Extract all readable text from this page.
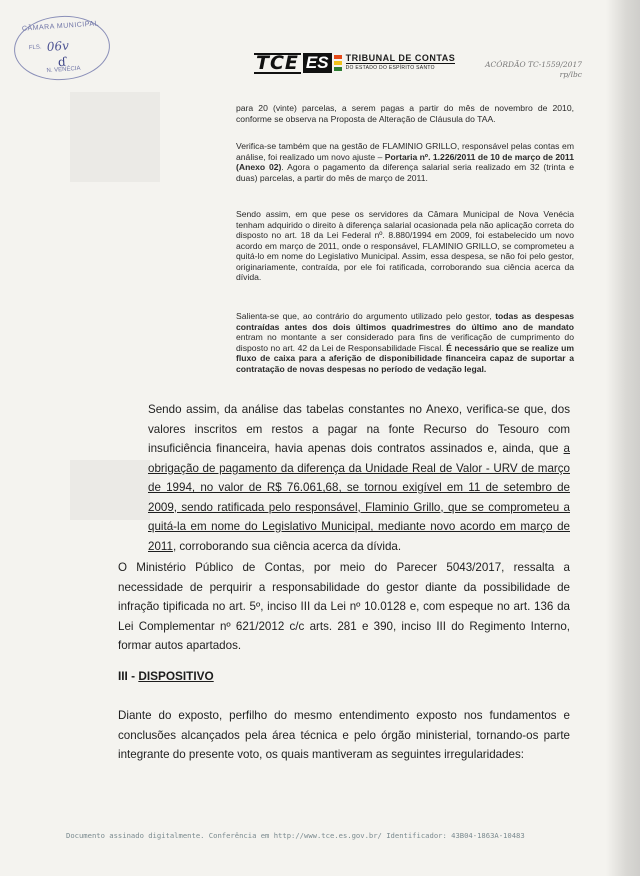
CÂMARA MUNICIPAL
FLS. 06v
ɗ
N. VENÉCIA	TCE ES	TRIBUNAL DE CONTAS
DO ESTADO DO ESPÍRITO SANTO	ACÓRDÃO TC-1559/2017
rp/lbc
para 20 (vinte) parcelas, a serem pagas a partir do mês de novembro de 2010, conforme se observa na Proposta de Alteração de Cláusula do TAA.
Verifica-se também que na gestão de FLAMINIO GRILLO, responsável pelas contas em análise, foi realizado um novo ajuste – Portaria nº. 1.226/2011 de 10 de março de 2011 (Anexo 02). Agora o pagamento da diferença salarial seria realizado em 32 (trinta e duas) parcelas, a partir do mês de março de 2011.
Sendo assim, em que pese os servidores da Câmara Municipal de Nova Venécia tenham adquirido o direito à diferença salarial ocasionada pela não aplicação correta do disposto no art. 18 da Lei Federal nº. 8.880/1994 em 2009, foi estabelecido um novo acordo em março de 2011, onde o responsável, FLAMINIO GRILLO, se comprometeu a quitá-lo em nome do Legislativo Municipal. Assim, essa despesa, se não foi pelo gestor, originariamente, contraída, por ele foi ratificada, corroborando sua ciência acerca da dívida.
Salienta-se que, ao contrário do argumento utilizado pelo gestor, todas as despesas contraídas antes dos dois últimos quadrimestres do último ano de mandato entram no montante a ser considerado para fins de verificação de cumprimento do disposto no art. 42 da Lei de Responsabilidade Fiscal. É necessário que se realize um fluxo de caixa para a aferição de disponibilidade financeira capaz de suportar a contratação de novas despesas no período de vedação legal.
Sendo assim, da análise das tabelas constantes no Anexo, verifica-se que, dos valores inscritos em restos a pagar na fonte Recurso do Tesouro com insuficiência financeira, havia apenas dois contratos assinados e, ainda, que a obrigação de pagamento da diferença da Unidade Real de Valor - URV de março de 1994, no valor de R$ 76.061,68, se tornou exigível em 11 de setembro de 2009, sendo ratificada pelo responsável, Flaminio Grillo, que se comprometeu a quitá-la em nome do Legislativo Municipal, mediante novo acordo em março de 2011, corroborando sua ciência acerca da dívida.
O Ministério Público de Contas, por meio do Parecer 5043/2017, ressalta a necessidade de perquirir a responsabilidade do gestor diante da possibilidade de infração tipificada no art. 5º, inciso III da Lei nº 10.0128 e, com espeque no art. 136 da Lei Complementar nº 621/2012 c/c arts. 281 e 390, inciso III do Regimento Interno, formar autos apartados.
III - DISPOSITIVO
Diante do exposto, perfilho do mesmo entendimento exposto nos fundamentos e conclusões alcançados pela área técnica e pelo órgão ministerial, tornando-os parte integrante do presente voto, os quais mantiveram as seguintes irregularidades:
Documento assinado digitalmente. Conferência em http://www.tce.es.gov.br/ Identificador: 43B04-1863A-10483
